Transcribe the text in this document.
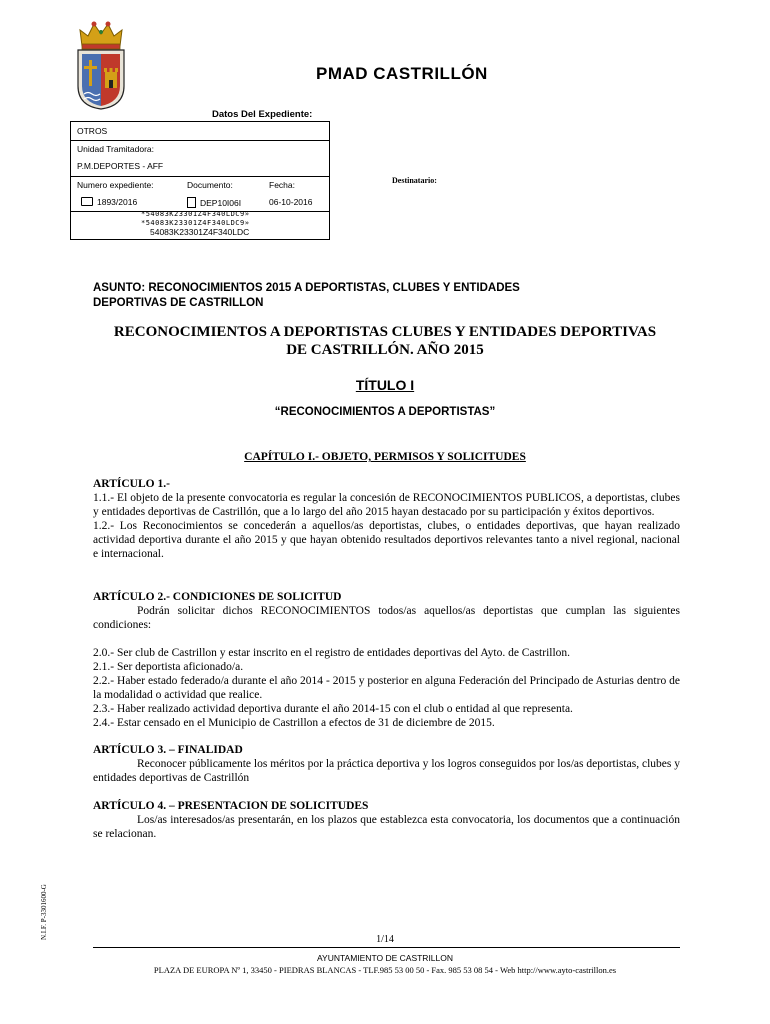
PMAD CASTRILLÓN
Datos Del Expediente:
OTROS
Unidad Tramitadora:
P.M.DEPORTES - AFF
Numero expediente:	Documento:	Fecha:
1893/2016	DEP10I06I	06-10-2016
*54083K23301Z4F340LDC9»
*54083K23301Z4F340LDC9»
54083K23301Z4F340LDC
Destinatario:
ASUNTO: RECONOCIMIENTOS 2015 A DEPORTISTAS, CLUBES Y ENTIDADES
DEPORTIVAS DE CASTRILLON
RECONOCIMIENTOS A DEPORTISTAS CLUBES Y ENTIDADES DEPORTIVAS
DE CASTRILLÓN. AÑO 2015
TÍTULO I
“RECONOCIMIENTOS A DEPORTISTAS”
CAPÍTULO I.- OBJETO, PERMISOS Y SOLICITUDES

ARTÍCULO 1.-

1.1.- El objeto de la presente convocatoria es regular la concesión de RECONOCIMIENTOS PUBLICOS, a deportistas, clubes y entidades deportivas de Castrillón, que a lo largo del año 2015 hayan destacado por su participación y éxitos deportivos.

1.2.- Los Reconocimientos se concederán a aquellos/as deportistas, clubes, o entidades deportivas, que hayan realizado actividad deportiva durante el año 2015 y que hayan obtenido resultados deportivos relevantes tanto a nivel regional, nacional e internacional.

ARTÍCULO 2.- CONDICIONES DE SOLICITUD

Podrán solicitar dichos RECONOCIMIENTOS todos/as aquellos/as deportistas que cumplan las siguientes condiciones:

2.0.- Ser club de Castrillon y estar inscrito en el registro de entidades deportivas del Ayto. de Castrillon.

2.1.- Ser deportista aficionado/a.

2.2.- Haber estado federado/a durante el año 2014 - 2015 y posterior en alguna Federación del Principado de Asturias dentro de la modalidad o actividad que realice.

2.3.- Haber realizado actividad deportiva durante el año 2014-15 con el club o entidad al que representa.

2.4.- Estar censado en el Municipio de Castrillon a efectos de 31 de diciembre de 2015.

ARTÍCULO 3. – FINALIDAD

Reconocer públicamente los méritos por la práctica deportiva y los logros conseguidos por los/as deportistas, clubes y entidades deportivas de Castrillón

ARTÍCULO 4. – PRESENTACION DE SOLICITUDES

Los/as interesados/as presentarán, en los plazos que establezca esta convocatoria, los documentos que a continuación se relacionan.

N.I.F. P-3301600-G	1/14
AYUNTAMIENTO DE CASTRILLON
PLAZA DE EUROPA Nº 1, 33450 - PIEDRAS BLANCAS - TLF.985 53 00 50 - Fax. 985 53 08 54 - Web http://www.ayto-castrillon.es
